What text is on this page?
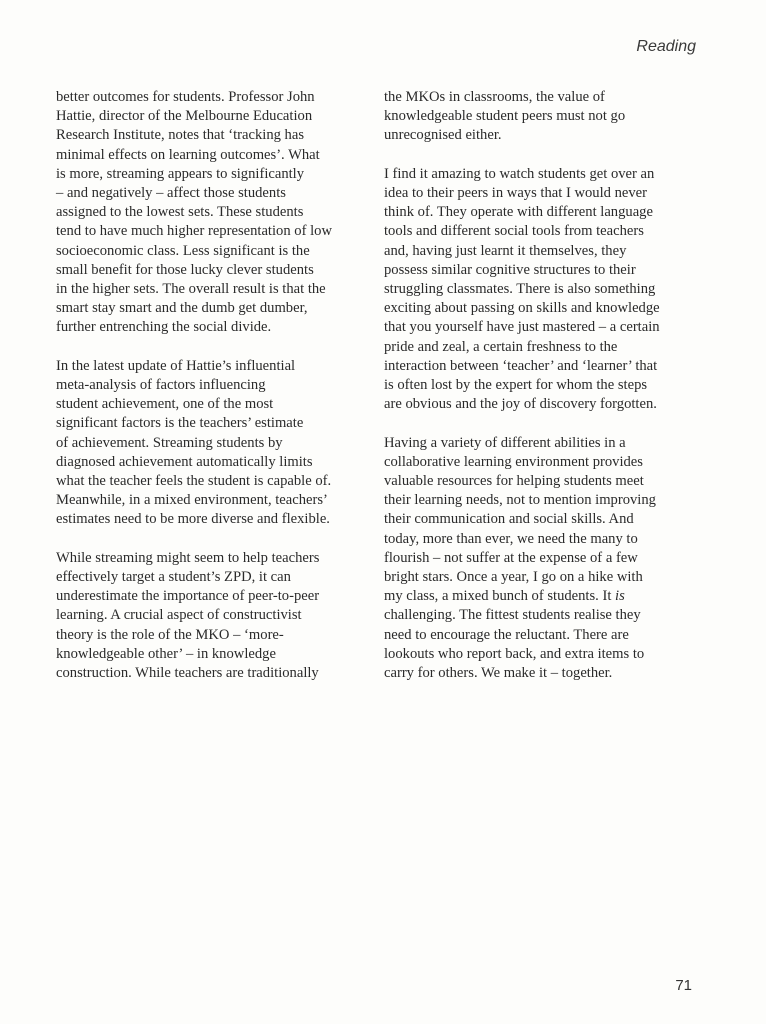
Reading
better outcomes for students. Professor John
Hattie, director of the Melbourne Education
Research Institute, notes that ‘tracking has
minimal effects on learning outcomes’. What
is more, streaming appears to significantly
– and negatively – affect those students
assigned to the lowest sets. These students
tend to have much higher representation of low
socioeconomic class. Less significant is the
small benefit for those lucky clever students
in the higher sets. The overall result is that the
smart stay smart and the dumb get dumber,
further entrenching the social divide.
In the latest update of Hattie’s influential
meta-analysis of factors influencing
student achievement, one of the most
significant factors is the teachers’ estimate
of achievement. Streaming students by
diagnosed achievement automatically limits
what the teacher feels the student is capable of.
Meanwhile, in a mixed environment, teachers’
estimates need to be more diverse and flexible.
While streaming might seem to help teachers
effectively target a student’s ZPD, it can
underestimate the importance of peer-to-peer
learning. A crucial aspect of constructivist
theory is the role of the MKO – ‘more-
knowledgeable other’ – in knowledge
construction. While teachers are traditionally
the MKOs in classrooms, the value of
knowledgeable student peers must not go
unrecognised either.
I find it amazing to watch students get over an
idea to their peers in ways that I would never
think of. They operate with different language
tools and different social tools from teachers
and, having just learnt it themselves, they
possess similar cognitive structures to their
struggling classmates. There is also something
exciting about passing on skills and knowledge
that you yourself have just mastered – a certain
pride and zeal, a certain freshness to the
interaction between ‘teacher’ and ‘learner’ that
is often lost by the expert for whom the steps
are obvious and the joy of discovery forgotten.
Having a variety of different abilities in a
collaborative learning environment provides
valuable resources for helping students meet
their learning needs, not to mention improving
their communication and social skills. And
today, more than ever, we need the many to
flourish – not suffer at the expense of a few
bright stars. Once a year, I go on a hike with
my class, a mixed bunch of students. It is
challenging. The fittest students realise they
need to encourage the reluctant. There are
lookouts who report back, and extra items to
carry for others. We make it – together.
71
